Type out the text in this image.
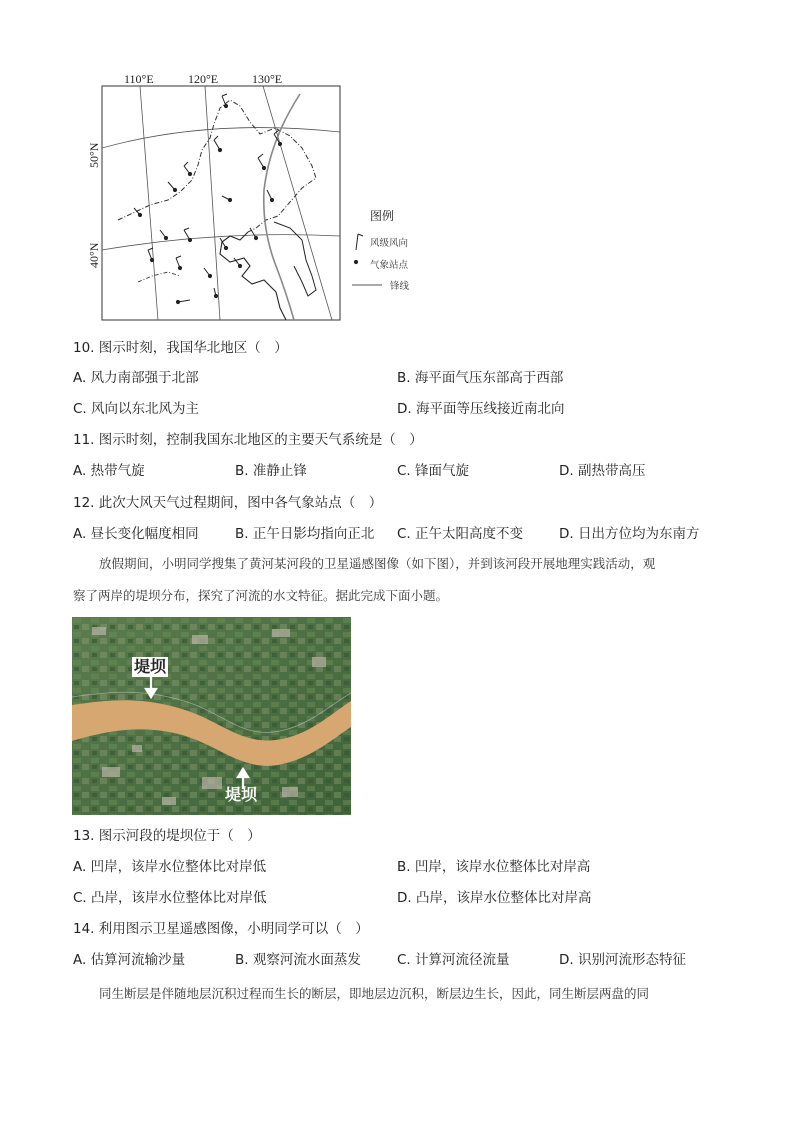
110°E	120°E	130°E
50°N
40°N
图例
风级风向
气象站点
锋线
10. 图示时刻，我国华北地区（　）
A. 风力南部强于北部	B. 海平面气压东部高于西部
C. 风向以东北风为主	D. 海平面等压线接近南北向
11. 图示时刻，控制我国东北地区的主要天气系统是（　）
A. 热带气旋	B. 准静止锋	C. 锋面气旋	D. 副热带高压
12. 此次大风天气过程期间，图中各气象站点（　）
A. 昼长变化幅度相同	B. 正午日影均指向正北 C. 正午太阳高度不变	D. 日出方位均为东南方
放假期间，小明同学搜集了黄河某河段的卫星遥感图像（如下图），并到该河段开展地理实践活动，观
察了两岸的堤坝分布，探究了河流的水文特征。据此完成下面小题。
堤坝
堤坝
13. 图示河段的堤坝位于（　）
A. 凹岸，该岸水位整体比对岸低	B. 凹岸，该岸水位整体比对岸高
C. 凸岸，该岸水位整体比对岸低	D. 凸岸，该岸水位整体比对岸高
14. 利用图示卫星遥感图像，小明同学可以（　）
A. 估算河流输沙量	B. 观察河流水面蒸发	C. 计算河流径流量	D. 识别河流形态特征
同生断层是伴随地层沉积过程而生长的断层，即地层边沉积，断层边生长，因此，同生断层两盘的同
